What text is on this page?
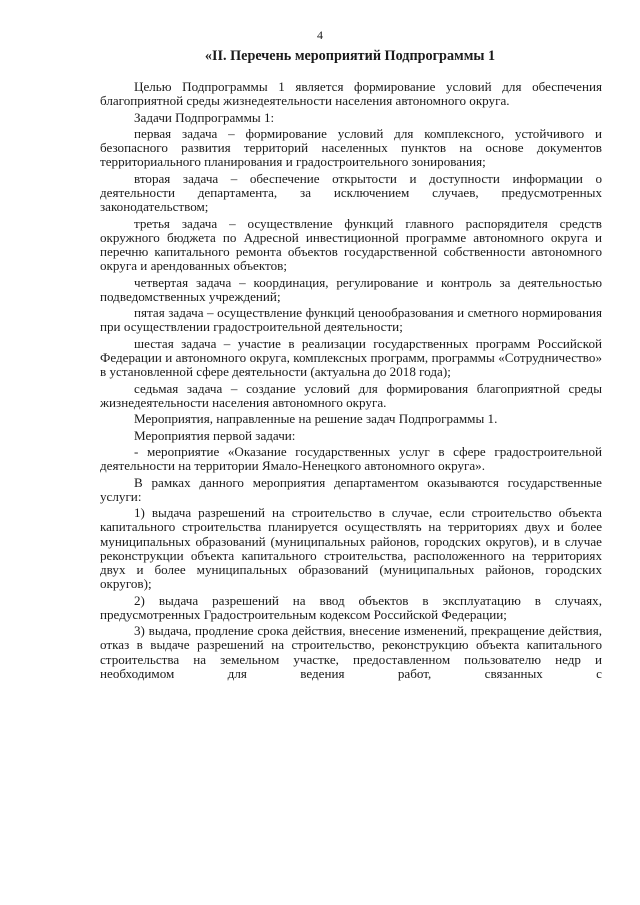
4
«II. Перечень мероприятий Подпрограммы 1

Целью Подпрограммы 1 является формирование условий для обеспечения благоприятной среды жизнедеятельности населения автономного округа.

Задачи Подпрограммы 1:

первая задача – формирование условий для комплексного, устойчивого и безопасного развития территорий населенных пунктов на основе документов территориального планирования и градостроительного зонирования;

вторая задача – обеспечение открытости и доступности информации о деятельности департамента, за исключением случаев, предусмотренных законодательством;

третья задача – осуществление функций главного распорядителя средств окружного бюджета по Адресной инвестиционной программе автономного округа и перечню капитального ремонта объектов государственной собственности автономного округа и арендованных объектов;

четвертая задача – координация, регулирование и контроль за деятельностью подведомственных учреждений;

пятая задача – осуществление функций ценообразования и сметного нормирования при осуществлении градостроительной деятельности;

шестая задача – участие в реализации государственных программ Российской Федерации и автономного округа, комплексных программ, программы «Сотрудничество» в установленной сфере деятельности (актуальна до 2018 года);

седьмая задача – создание условий для формирования благоприятной среды жизнедеятельности населения автономного округа.

Мероприятия, направленные на решение задач Подпрограммы 1.

Мероприятия первой задачи:

- мероприятие «Оказание государственных услуг в сфере градостроительной деятельности на территории Ямало-Ненецкого автономного округа».

В рамках данного мероприятия департаментом оказываются государственные услуги:

1) выдача разрешений на строительство в случае, если строительство объекта капитального строительства планируется осуществлять на территориях двух и более муниципальных образований (муниципальных районов, городских округов), и в случае реконструкции объекта капитального строительства, расположенного на территориях двух и более муниципальных образований (муниципальных районов, городских округов);

2) выдача разрешений на ввод объектов в эксплуатацию в случаях, предусмотренных Градостроительным кодексом Российской Федерации;

3) выдача, продление срока действия, внесение изменений, прекращение действия, отказ в выдаче разрешений на строительство, реконструкцию объекта капитального строительства на земельном участке, предоставленном пользователю недр и необходимом для ведения работ, связанных с
